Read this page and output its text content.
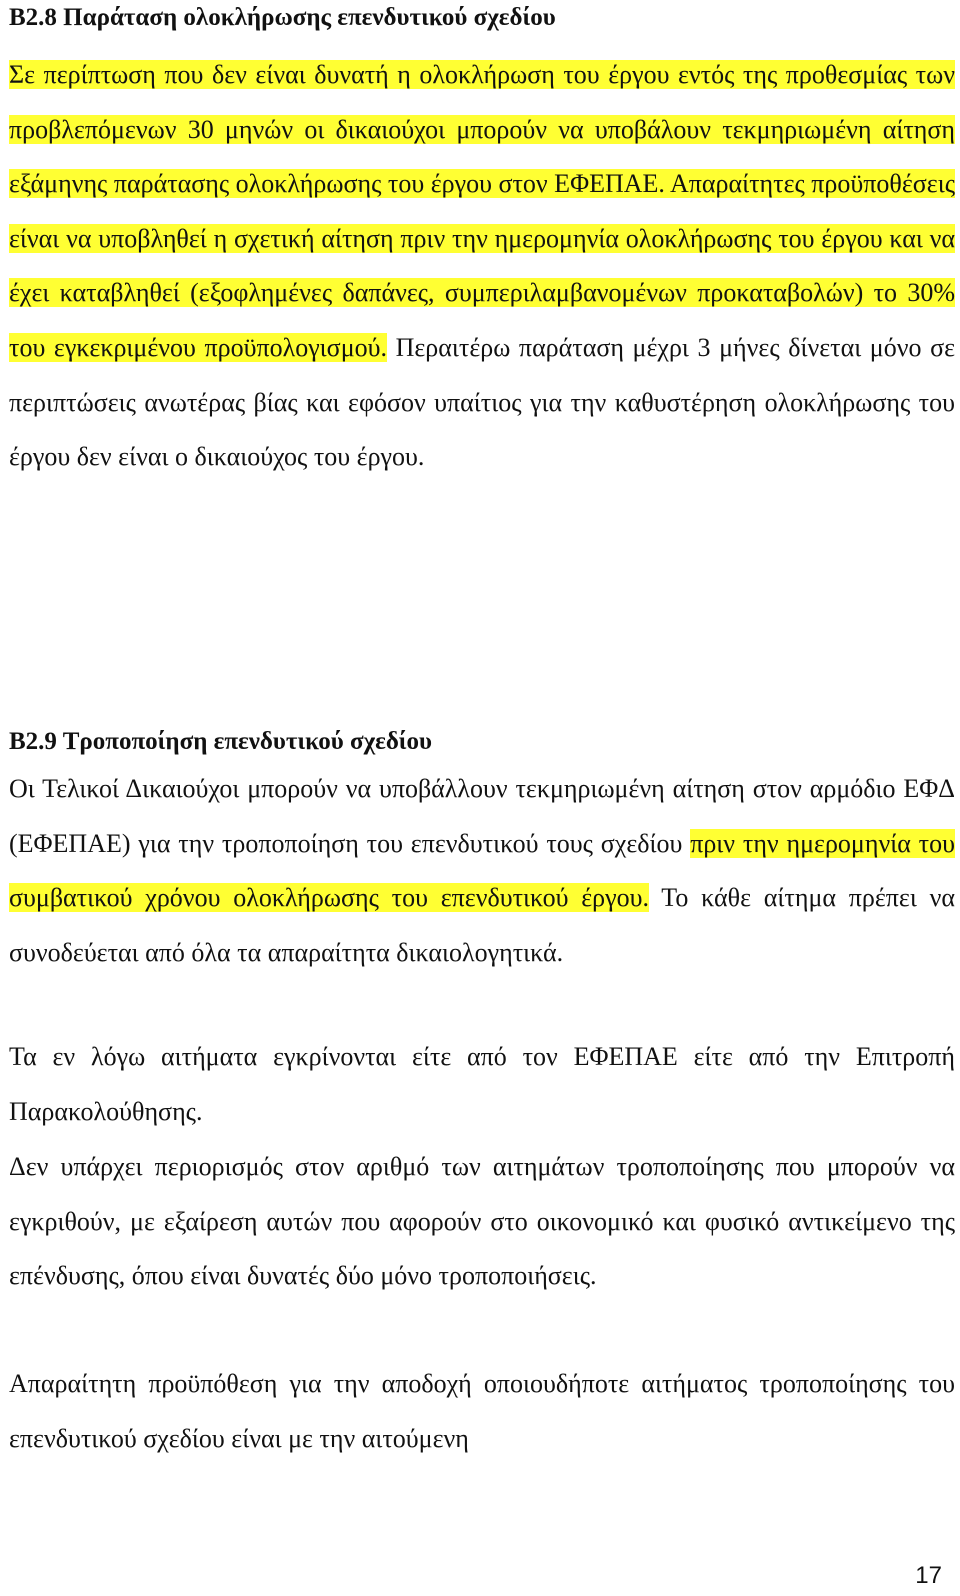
Β2.8 Παράταση ολοκλήρωσης επενδυτικού σχεδίου

Σε περίπτωση που δεν είναι δυνατή η ολοκλήρωση του έργου εντός της προθεσμίας των προβλεπόμενων 30 μηνών οι δικαιούχοι μπορούν να υποβάλουν τεκμηριωμένη αίτηση εξάμηνης παράτασης ολοκλήρωσης του έργου στον ΕΦΕΠΑΕ. Απαραίτητες προϋποθέσεις είναι να υποβληθεί η σχετική αίτηση πριν την ημερομηνία ολοκλήρωσης του έργου και να έχει καταβληθεί (εξοφλημένες δαπάνες, συμπεριλαμβανομένων προκαταβολών) το 30% του εγκεκριμένου προϋπολογισμού. Περαιτέρω παράταση μέχρι 3 μήνες δίνεται μόνο σε περιπτώσεις ανωτέρας βίας και εφόσον υπαίτιος για την καθυστέρηση ολοκλήρωσης του έργου δεν είναι ο δικαιούχος του έργου.

Β2.9 Τροποποίηση επενδυτικού σχεδίου

Οι Τελικοί Δικαιούχοι μπορούν να υποβάλλουν τεκμηριωμένη αίτηση στον αρμόδιο ΕΦΔ (ΕΦΕΠΑΕ) για την τροποποίηση του επενδυτικού τους σχεδίου πριν την ημερομηνία του συμβατικού χρόνου ολοκλήρωσης του επενδυτικού έργου. Το κάθε αίτημα πρέπει να συνοδεύεται από όλα τα απαραίτητα δικαιολογητικά.

Τα εν λόγω αιτήματα εγκρίνονται είτε από τον ΕΦΕΠΑΕ είτε από την Επιτροπή Παρακολούθησης.

Δεν υπάρχει περιορισμός στον αριθμό των αιτημάτων τροποποίησης που μπορούν να εγκριθούν, με εξαίρεση αυτών που αφορούν στο οικονομικό και φυσικό αντικείμενο της επένδυσης, όπου είναι δυνατές δύο μόνο τροποποιήσεις.

Απαραίτητη προϋπόθεση για την αποδοχή οποιουδήποτε αιτήματος τροποποίησης του επενδυτικού σχεδίου είναι με την αιτούμενη

17
